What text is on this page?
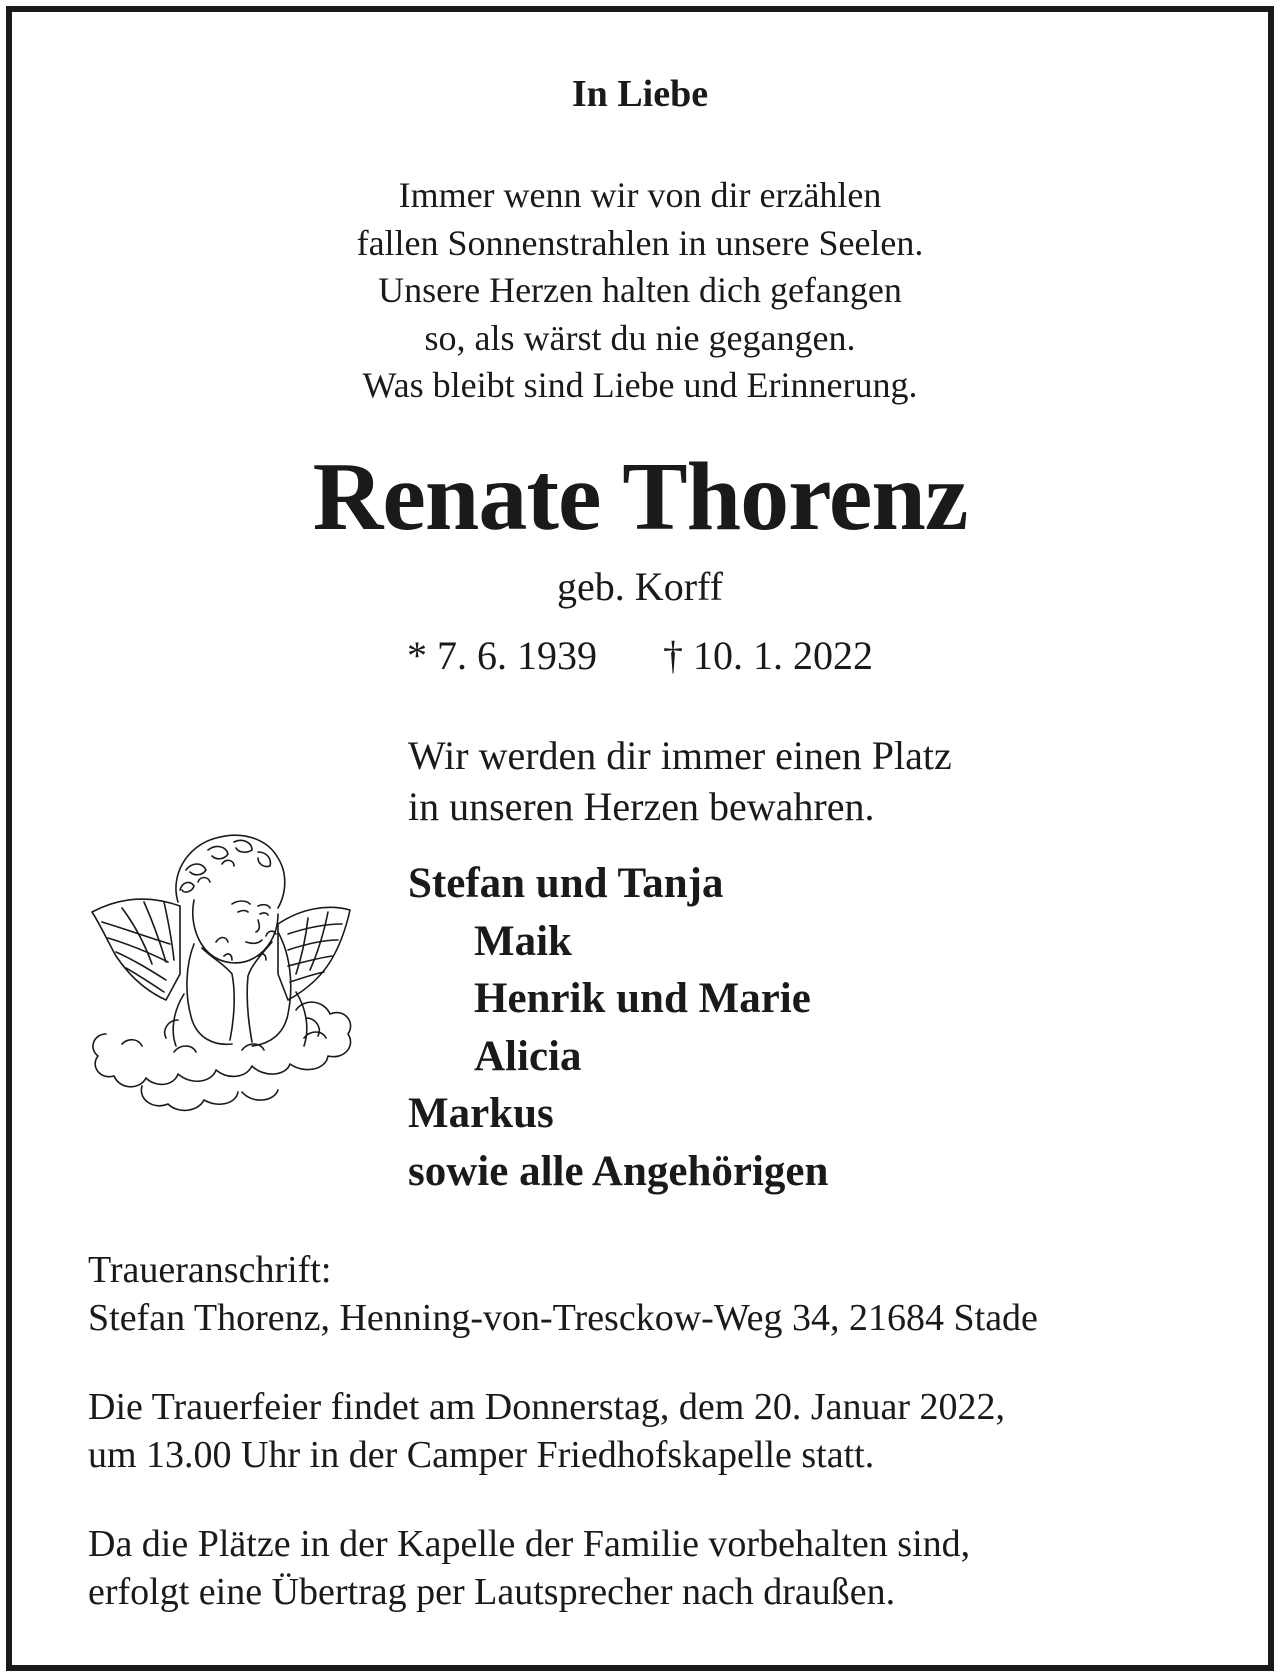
In Liebe
Immer wenn wir von dir erzählen
fallen Sonnenstrahlen in unsere Seelen.
Unsere Herzen halten dich gefangen
so, als wärst du nie gegangen.
Was bleibt sind Liebe und Erinnerung.
Renate Thorenz
geb. Korff
* 7. 6. 1939 † 10. 1. 2022
Wir werden dir immer einen Platz
in unseren Herzen bewahren.
Stefan und Tanja
Maik
Henrik und Marie
Alicia
Markus
sowie alle Angehörigen
Traueranschrift:
Stefan Thorenz, Henning-von-Tresckow-Weg 34, 21684 Stade
Die Trauerfeier findet am Donnerstag, dem 20. Januar 2022,
um 13.00 Uhr in der Camper Friedhofskapelle statt.
Da die Plätze in der Kapelle der Familie vorbehalten sind,
erfolgt eine Übertrag per Lautsprecher nach draußen.
